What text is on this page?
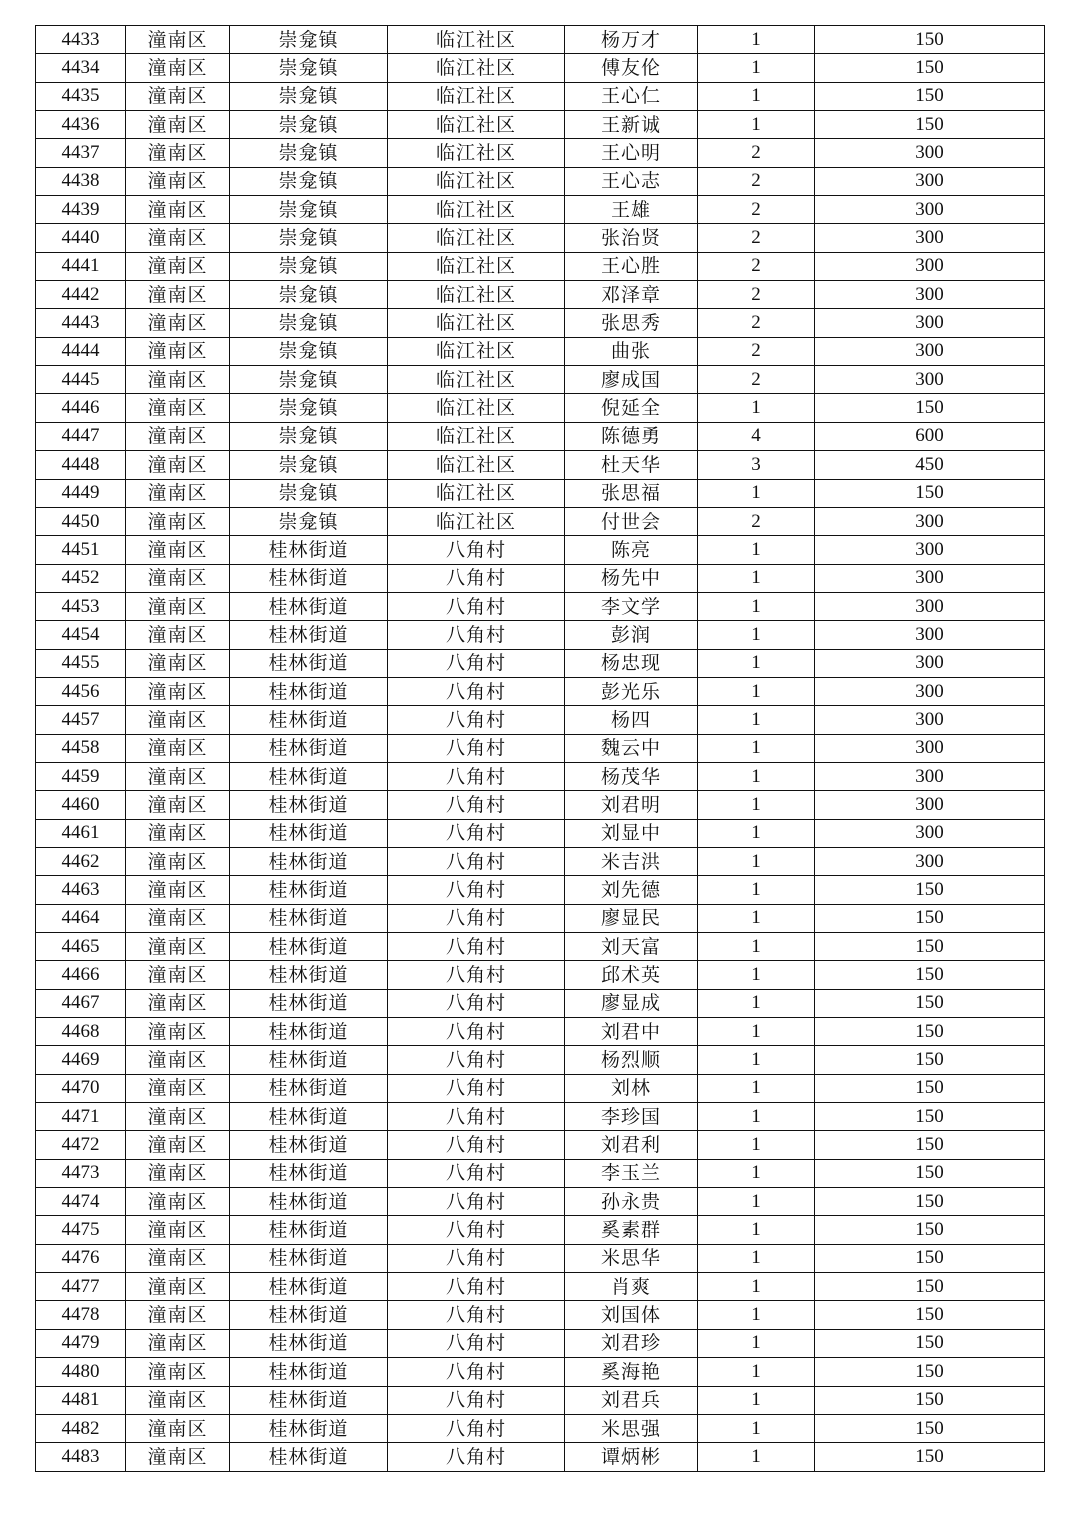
4433	潼南区	崇龛镇	临江社区	杨万才	1	150
4434	潼南区	崇龛镇	临江社区	傅友伦	1	150
4435	潼南区	崇龛镇	临江社区	王心仁	1	150
4436	潼南区	崇龛镇	临江社区	王新诚	1	150
4437	潼南区	崇龛镇	临江社区	王心明	2	300
4438	潼南区	崇龛镇	临江社区	王心志	2	300
4439	潼南区	崇龛镇	临江社区	王雄	2	300
4440	潼南区	崇龛镇	临江社区	张治贤	2	300
4441	潼南区	崇龛镇	临江社区	王心胜	2	300
4442	潼南区	崇龛镇	临江社区	邓泽章	2	300
4443	潼南区	崇龛镇	临江社区	张思秀	2	300
4444	潼南区	崇龛镇	临江社区	曲张	2	300
4445	潼南区	崇龛镇	临江社区	廖成国	2	300
4446	潼南区	崇龛镇	临江社区	倪延全	1	150
4447	潼南区	崇龛镇	临江社区	陈德勇	4	600
4448	潼南区	崇龛镇	临江社区	杜天华	3	450
4449	潼南区	崇龛镇	临江社区	张思福	1	150
4450	潼南区	崇龛镇	临江社区	付世会	2	300
4451	潼南区	桂林街道	八角村	陈亮	1	300
4452	潼南区	桂林街道	八角村	杨先中	1	300
4453	潼南区	桂林街道	八角村	李文学	1	300
4454	潼南区	桂林街道	八角村	彭润	1	300
4455	潼南区	桂林街道	八角村	杨忠现	1	300
4456	潼南区	桂林街道	八角村	彭光乐	1	300
4457	潼南区	桂林街道	八角村	杨四	1	300
4458	潼南区	桂林街道	八角村	魏云中	1	300
4459	潼南区	桂林街道	八角村	杨茂华	1	300
4460	潼南区	桂林街道	八角村	刘君明	1	300
4461	潼南区	桂林街道	八角村	刘显中	1	300
4462	潼南区	桂林街道	八角村	米吉洪	1	300
4463	潼南区	桂林街道	八角村	刘先德	1	150
4464	潼南区	桂林街道	八角村	廖显民	1	150
4465	潼南区	桂林街道	八角村	刘天富	1	150
4466	潼南区	桂林街道	八角村	邱术英	1	150
4467	潼南区	桂林街道	八角村	廖显成	1	150
4468	潼南区	桂林街道	八角村	刘君中	1	150
4469	潼南区	桂林街道	八角村	杨烈顺	1	150
4470	潼南区	桂林街道	八角村	刘林	1	150
4471	潼南区	桂林街道	八角村	李珍国	1	150
4472	潼南区	桂林街道	八角村	刘君利	1	150
4473	潼南区	桂林街道	八角村	李玉兰	1	150
4474	潼南区	桂林街道	八角村	孙永贵	1	150
4475	潼南区	桂林街道	八角村	奚素群	1	150
4476	潼南区	桂林街道	八角村	米思华	1	150
4477	潼南区	桂林街道	八角村	肖爽	1	150
4478	潼南区	桂林街道	八角村	刘国体	1	150
4479	潼南区	桂林街道	八角村	刘君珍	1	150
4480	潼南区	桂林街道	八角村	奚海艳	1	150
4481	潼南区	桂林街道	八角村	刘君兵	1	150
4482	潼南区	桂林街道	八角村	米思强	1	150
4483	潼南区	桂林街道	八角村	谭炳彬	1	150
